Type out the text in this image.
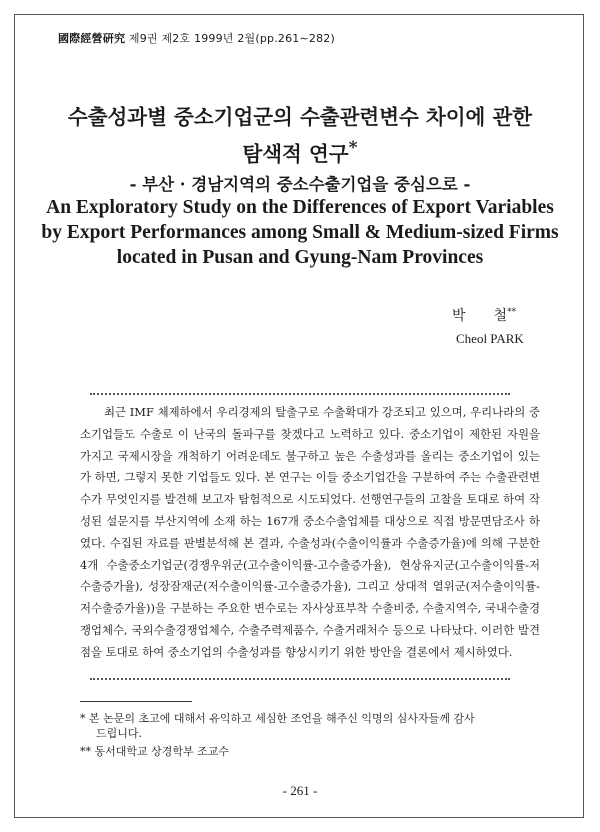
國際經營硏究 제9권 제2호 1999년 2월(pp.261∼282)
수출성과별 중소기업군의 수출관련변수 차이에 관한
탐색적 연구*
- 부산 · 경남지역의 중소수출기업을 중심으로 -
An Exploratory Study on the Differences of Export Variables
by Export Performances among Small & Medium-sized Firms
located in Pusan and Gyung-Nam Provinces
박 철**
Cheol PARK

최근 IMF 체제하에서 우리경제의 탈출구로 수출확대가 강조되고 있으며, 우리나라의 중소기업들도 수출로 이 난국의 돌파구를 찾겠다고 노력하고 있다. 중소기업이 제한된 자원을 가지고 국제시장을 개척하기 어려운데도 불구하고 높은 수출성과를 올리는 중소기업이 있는가 하면, 그렇지 못한 기업들도 있다. 본 연구는 이들 중소기업간을 구분하여 주는 수출관련변수가 무엇인지를 발견해 보고자 탐험적으로 시도되었다. 선행연구들의 고찰을 토대로 하여 작성된 설문지를 부산지역에 소재 하는 167개 중소수출업체를 대상으로 직접 방문면담조사 하였다. 수집된 자료를 판별분석해 본 결과, 수출성과(수출이익률과 수출증가율)에 의해 구분한 4개 수출중소기업군(경쟁우위군(고수출이익률-고수출증가율), 현상유지군(고수출이익률-저수출증가율), 성장잠재군(저수출이익률-고수출증가율), 그리고 상대적 열위군(저수출이익률-저수출증가율))을 구분하는 주요한 변수로는 자사상표부착 수출비중, 수출지역수, 국내수출경쟁업체수, 국외수출경쟁업체수, 수출주력제품수, 수출거래처수 등으로 나타났다. 이러한 발견점을 토대로 하여 중소기업의 수출성과를 향상시키기 위한 방안을 결론에서 제시하였다.

* 본 논문의 초고에 대해서 유익하고 세심한 조언을 해주신 익명의 심사자들께 감사
드립니다.
** 동서대학교 상경학부 조교수
- 261 -
